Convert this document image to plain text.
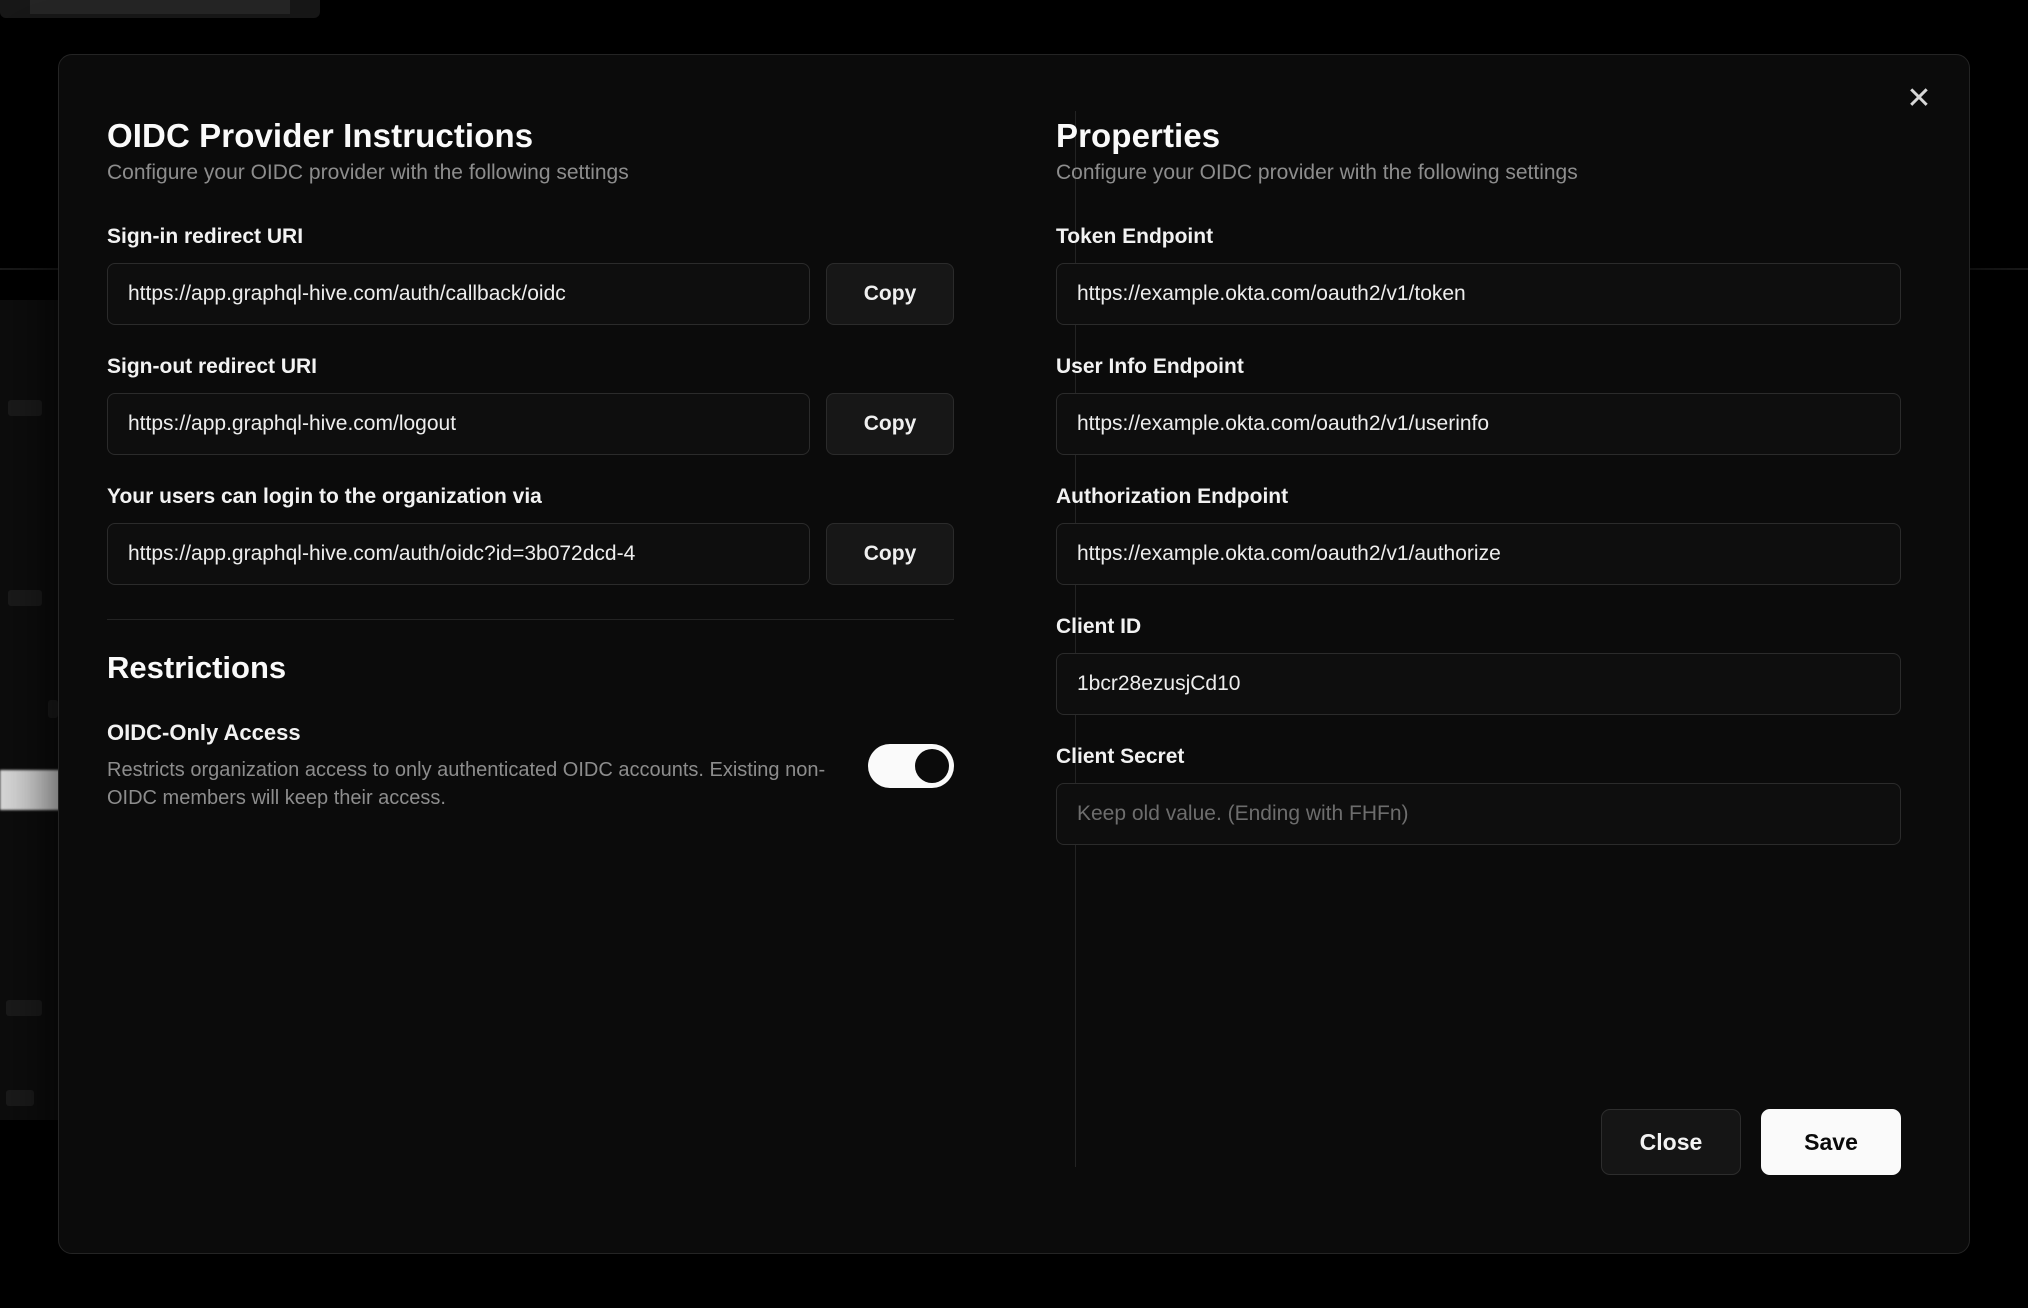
✕
OIDC Provider Instructions

Configure your OIDC provider with the following settings

Sign-in redirect URI
https://app.graphql-hive.com/auth/callback/oidc
Copy
Sign-out redirect URI
https://app.graphql-hive.com/logout
Copy
Your users can login to the organization via
https://app.graphql-hive.com/auth/oidc?id=3b072dcd-4
Copy
Restrictions

OIDC-Only Access

Restricts organization access to only authenticated OIDC accounts. Existing non-OIDC members will keep their access.

Properties

Configure your OIDC provider with the following settings

Token Endpoint
https://example.okta.com/oauth2/v1/token
User Info Endpoint
https://example.okta.com/oauth2/v1/userinfo
Authorization Endpoint
https://example.okta.com/oauth2/v1/authorize
Client ID
1bcr28ezusjCd10
Client Secret
Keep old value. (Ending with FHFn)
Close	Save
